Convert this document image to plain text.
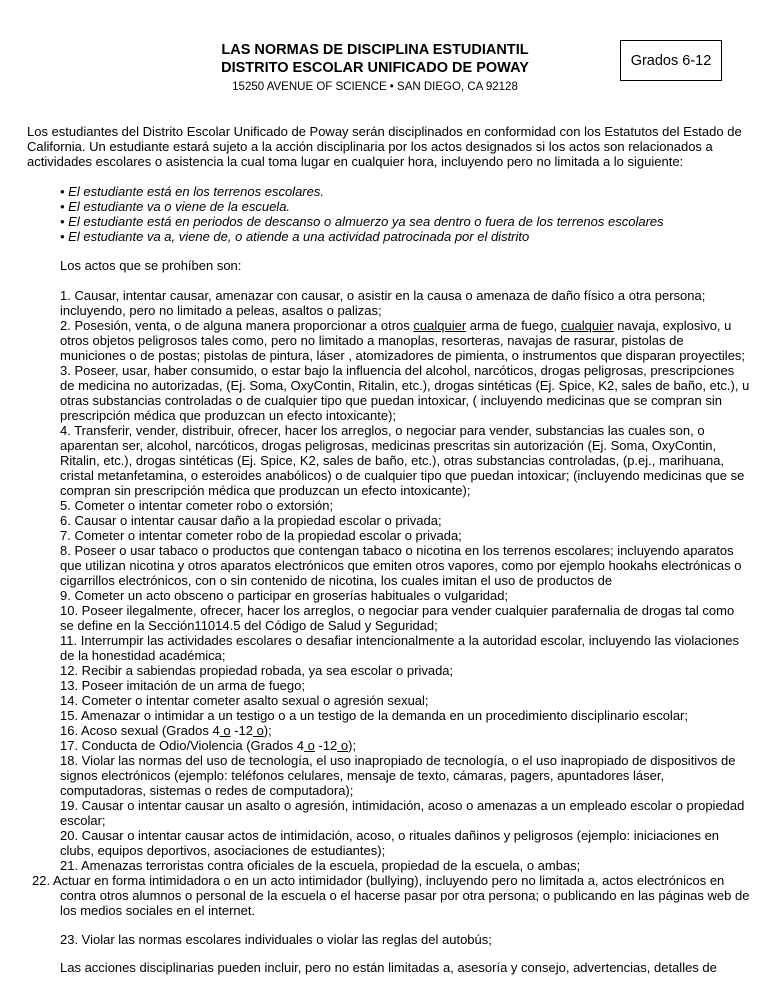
LAS NORMAS DE DISCIPLINA ESTUDIANTIL
DISTRITO ESCOLAR UNIFICADO DE POWAY
15250 AVENUE OF SCIENCE • SAN DIEGO, CA 92128
Grados 6-12
Los estudiantes del Distrito Escolar Unificado de Poway serán disciplinados en conformidad con los Estatutos del Estado de California. Un estudiante estará sujeto a la acción disciplinaria por los actos designados si los actos son relacionados a actividades escolares o asistencia la cual toma lugar en cualquier hora, incluyendo pero no limitada a lo siguiente:
• El estudiante está en los terrenos escolares.
• El estudiante va o viene de la escuela.
• El estudiante está en periodos de descanso o almuerzo ya sea dentro o fuera de los terrenos escolares
• El estudiante va a, viene de, o atiende a una actividad patrocinada por el distrito
Los actos que se prohíben son:
1. Causar, intentar causar, amenazar con causar, o asistir en la causa o amenaza de daño físico a otra persona; incluyendo, pero no limitado a peleas, asaltos o palizas;
2. Posesión, venta, o de alguna manera proporcionar a otros cualquier arma de fuego, cualquier navaja, explosivo, u otros objetos peligrosos tales como, pero no limitado a manoplas, resorteras, navajas de rasurar, pistolas de municiones o de postas; pistolas de pintura, láser , atomizadores de pimienta, o instrumentos que disparan proyectiles;
3. Poseer, usar, haber consumido, o estar bajo la influencia del alcohol, narcóticos, drogas peligrosas, prescripciones de medicina no autorizadas, (Ej. Soma, OxyContin, Ritalin, etc.), drogas sintéticas (Ej. Spice, K2, sales de baño, etc.), u otras substancias controladas o de cualquier tipo que puedan intoxicar, ( incluyendo medicinas que se compran sin prescripción médica que produzcan un efecto intoxicante);
4. Transferir, vender, distribuir, ofrecer, hacer los arreglos, o negociar para vender, substancias las cuales son, o aparentan ser, alcohol, narcóticos, drogas peligrosas, medicinas prescritas sin autorización (Ej. Soma, OxyContin, Ritalin, etc.), drogas sintéticas (Ej. Spice, K2, sales de baño, etc.), otras substancias controladas, (p.ej., marihuana, cristal metanfetamina, o esteroides anabólicos) o de cualquier tipo que puedan intoxicar; (incluyendo medicinas que se compran sin prescripción médica que produzcan un efecto intoxicante);
5. Cometer o intentar cometer robo o extorsión;
6. Causar o intentar causar daño a la propiedad escolar o privada;
7. Cometer o intentar cometer robo de la propiedad escolar o privada;
8. Poseer o usar tabaco o productos que contengan tabaco o nicotina en los terrenos escolares; incluyendo aparatos que utilizan nicotina y otros aparatos electrónicos que emiten otros vapores, como por ejemplo hookahs electrónicas o cigarrillos electrónicos, con o sin contenido de nicotina, los cuales imitan el uso de productos de
9. Cometer un acto obsceno o participar en groserías habituales o vulgaridad;
10. Poseer ilegalmente, ofrecer, hacer los arreglos, o negociar para vender cualquier parafernalia de drogas tal como se define en la Sección11014.5 del Código de Salud y Seguridad;
11. Interrumpir las actividades escolares o desafiar intencionalmente a la autoridad escolar, incluyendo las violaciones de la honestidad académica;
12. Recibir a sabiendas propiedad robada, ya sea escolar o privada;
13. Poseer imitación de un arma de fuego;
14. Cometer o intentar cometer asalto sexual o agresión sexual;
15. Amenazar o intimidar a un testigo o a un testigo de la demanda en un procedimiento disciplinario escolar;
16. Acoso sexual (Grados 4 o -12 o);
17. Conducta de Odio/Violencia (Grados 4 o -12 o);
18. Violar las normas del uso de tecnología, el uso inapropiado de tecnología, o el uso inapropiado de dispositivos de signos electrónicos (ejemplo: teléfonos celulares, mensaje de texto, cámaras, pagers, apuntadores láser, computadoras, sistemas o redes de computadora);
19. Causar o intentar causar un asalto o agresión, intimidación, acoso o amenazas a un empleado escolar o propiedad escolar;
20. Causar o intentar causar actos de intimidación, acoso, o rituales dañinos y peligrosos (ejemplo: iniciaciones en clubs, equipos deportivos, asociaciones de estudiantes);
21. Amenazas terroristas contra oficiales de la escuela, propiedad de la escuela, o ambas;
22. Actuar en forma intimidadora o en un acto intimidador (bullying), incluyendo pero no limitada a, actos electrónicos en
contra otros alumnos o personal de la escuela o el hacerse pasar por otra persona; o publicando en las páginas web de los medios sociales en el internet.
23. Violar las normas escolares individuales o violar las reglas del autobús;
Las acciones disciplinarias pueden incluir, pero no están limitadas a, asesoría y consejo, advertencias, detalles de
